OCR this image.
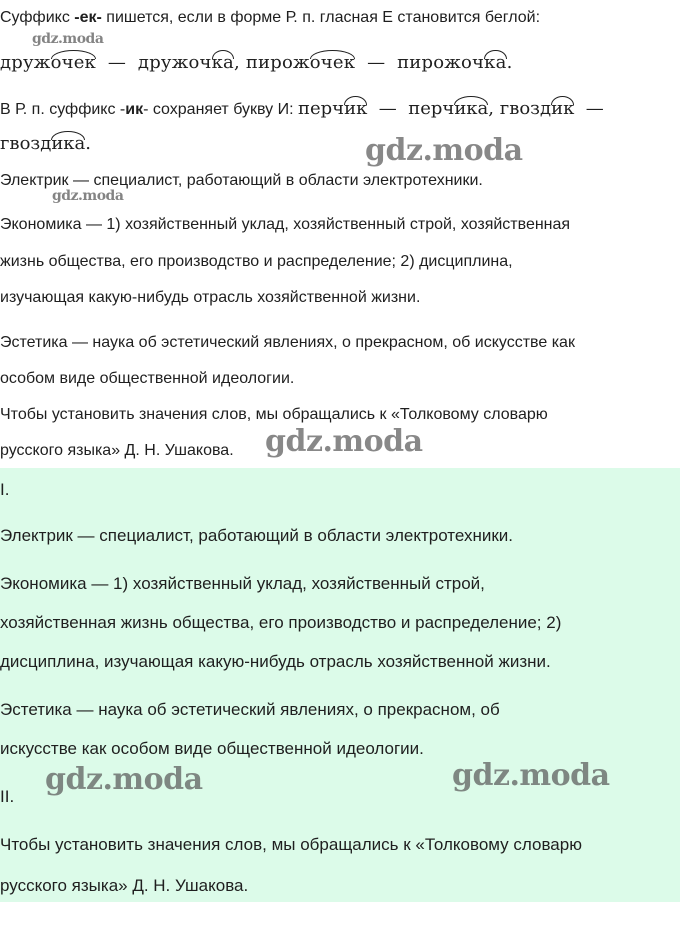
Суффикс -ек- пишется, если в форме Р. п. гласная Е становится беглой:

дружочек — дружочка, пирожочек — пирожочка.

В Р. п. суффикс -ик- сохраняет букву И: перчик — перчика, гвоздик —

гвоздика.

Электрик — специалист, работающий в области электротехники.

Экономика — 1) хозяйственный уклад, хозяйственный строй, хозяйственная

жизнь общества, его производство и распределение; 2) дисциплина,

изучающая какую-нибудь отрасль хозяйственной жизни.

Эстетика — наука об эстетический явлениях, о прекрасном, об искусстве как

особом виде общественной идеологии.

Чтобы установить значения слов, мы обращались к «Толковому словарю

русского языка» Д. Н. Ушакова.

I.

Электрик — специалист, работающий в области электротехники.

Экономика — 1) хозяйственный уклад, хозяйственный строй,

хозяйственная жизнь общества, его производство и распределение; 2)

дисциплина, изучающая какую-нибудь отрасль хозяйственной жизни.

Эстетика — наука об эстетический явлениях, о прекрасном, об

искусстве как особом виде общественной идеологии.

II.

Чтобы установить значения слов, мы обращались к «Толковому словарю

русского языка» Д. Н. Ушакова.

gdz.moda
gdz.moda
gdz.moda
gdz.moda
gdz.moda	gdz.moda
